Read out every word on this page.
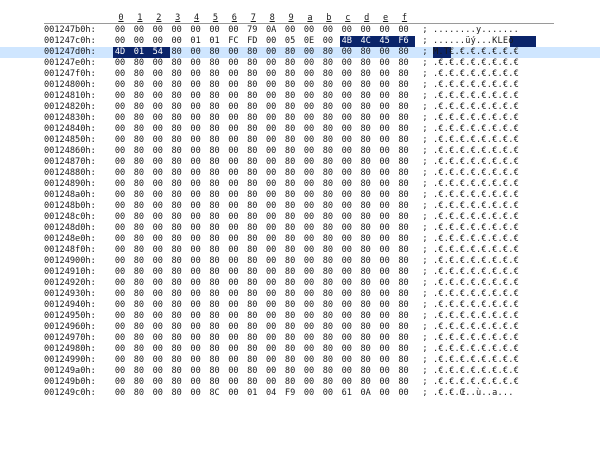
0	1	2	3	4	5	6	7	8	9	a	b	c	d	e	f
001247b0h:	00 00 00 00 00 00 00 79 0A 00 00 00 00 00 00 00 ; ........y.......
001247c0h:	00 00 00 00 01 01 FC FD 00 05 0E 00 4B 4C 45 F6 ; ......üý...KLEö
001247d0h:	4D 01 54 80 00 80 00 80 00 80 00 80 00 80 00 80 ; M.T€.€.€.€.€.€.€
001247e0h:	00 80 00 80 00 80 00 80 00 80 00 80 00 80 00 80 ; .€.€.€.€.€.€.€.€
001247f0h:	00 80 00 80 00 80 00 80 00 80 00 80 00 80 00 80 ; .€.€.€.€.€.€.€.€
00124800h:	00 80 00 80 00 80 00 80 00 80 00 80 00 80 00 80 ; .€.€.€.€.€.€.€.€
00124810h:	00 80 00 80 00 80 00 80 00 80 00 80 00 80 00 80 ; .€.€.€.€.€.€.€.€
00124820h:	00 80 00 80 00 80 00 80 00 80 00 80 00 80 00 80 ; .€.€.€.€.€.€.€.€
00124830h:	00 80 00 80 00 80 00 80 00 80 00 80 00 80 00 80 ; .€.€.€.€.€.€.€.€
00124840h:	00 80 00 80 00 80 00 80 00 80 00 80 00 80 00 80 ; .€.€.€.€.€.€.€.€
00124850h:	00 80 00 80 00 80 00 80 00 80 00 80 00 80 00 80 ; .€.€.€.€.€.€.€.€
00124860h:	00 80 00 80 00 80 00 80 00 80 00 80 00 80 00 80 ; .€.€.€.€.€.€.€.€
00124870h:	00 80 00 80 00 80 00 80 00 80 00 80 00 80 00 80 ; .€.€.€.€.€.€.€.€
00124880h:	00 80 00 80 00 80 00 80 00 80 00 80 00 80 00 80 ; .€.€.€.€.€.€.€.€
00124890h:	00 80 00 80 00 80 00 80 00 80 00 80 00 80 00 80 ; .€.€.€.€.€.€.€.€
001248a0h:	00 80 00 80 00 80 00 80 00 80 00 80 00 80 00 80 ; .€.€.€.€.€.€.€.€
001248b0h:	00 80 00 80 00 80 00 80 00 80 00 80 00 80 00 80 ; .€.€.€.€.€.€.€.€
001248c0h:	00 80 00 80 00 80 00 80 00 80 00 80 00 80 00 80 ; .€.€.€.€.€.€.€.€
001248d0h:	00 80 00 80 00 80 00 80 00 80 00 80 00 80 00 80 ; .€.€.€.€.€.€.€.€
001248e0h:	00 80 00 80 00 80 00 80 00 80 00 80 00 80 00 80 ; .€.€.€.€.€.€.€.€
001248f0h:	00 80 00 80 00 80 00 80 00 80 00 80 00 80 00 80 ; .€.€.€.€.€.€.€.€
00124900h:	00 80 00 80 00 80 00 80 00 80 00 80 00 80 00 80 ; .€.€.€.€.€.€.€.€
00124910h:	00 80 00 80 00 80 00 80 00 80 00 80 00 80 00 80 ; .€.€.€.€.€.€.€.€
00124920h:	00 80 00 80 00 80 00 80 00 80 00 80 00 80 00 80 ; .€.€.€.€.€.€.€.€
00124930h:	00 80 00 80 00 80 00 80 00 80 00 80 00 80 00 80 ; .€.€.€.€.€.€.€.€
00124940h:	00 80 00 80 00 80 00 80 00 80 00 80 00 80 00 80 ; .€.€.€.€.€.€.€.€
00124950h:	00 80 00 80 00 80 00 80 00 80 00 80 00 80 00 80 ; .€.€.€.€.€.€.€.€
00124960h:	00 80 00 80 00 80 00 80 00 80 00 80 00 80 00 80 ; .€.€.€.€.€.€.€.€
00124970h:	00 80 00 80 00 80 00 80 00 80 00 80 00 80 00 80 ; .€.€.€.€.€.€.€.€
00124980h:	00 80 00 80 00 80 00 80 00 80 00 80 00 80 00 80 ; .€.€.€.€.€.€.€.€
00124990h:	00 80 00 80 00 80 00 80 00 80 00 80 00 80 00 80 ; .€.€.€.€.€.€.€.€
001249a0h:	00 80 00 80 00 80 00 80 00 80 00 80 00 80 00 80 ; .€.€.€.€.€.€.€.€
001249b0h:	00 80 00 80 00 80 00 80 00 80 00 80 00 80 00 80 ; .€.€.€.€.€.€.€.€
001249c0h:	00 80 00 80 00 8C 00 01 04 F9 00 00 61 0A 00 00 ; .€.€.Œ..ù..a...
